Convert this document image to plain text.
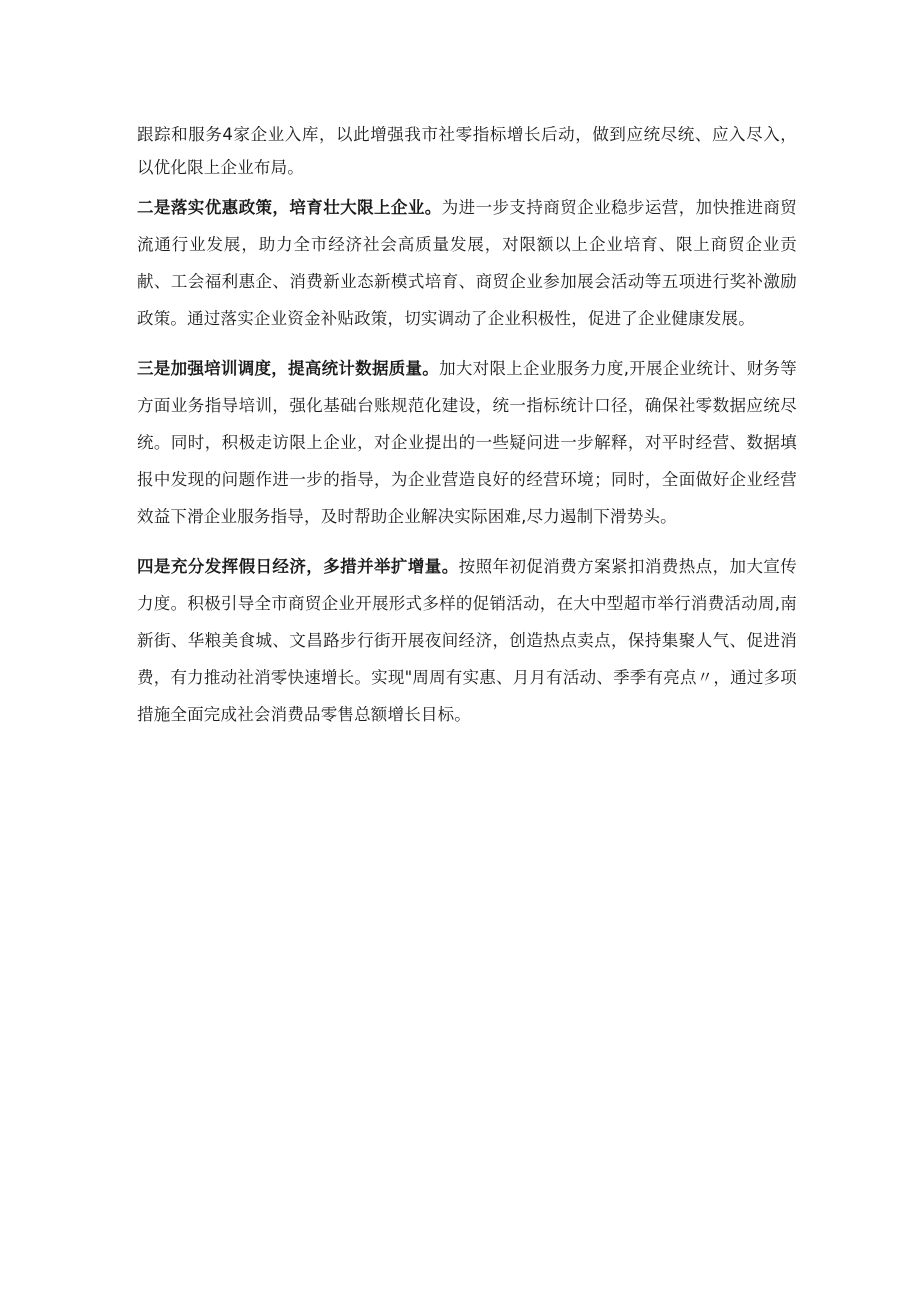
跟踪和服务4家企业入库，以此增强我市社零指标增长后动，做到应统尽统、应入尽入，以优化限上企业布局。

二是落实优惠政策，培育壮大限上企业。为进一步支持商贸企业稳步运营，加快推进商贸流通行业发展，助力全市经济社会高质量发展，对限额以上企业培育、限上商贸企业贡献、工会福利惠企、消费新业态新模式培育、商贸企业参加展会活动等五项进行奖补激励政策。通过落实企业资金补贴政策，切实调动了企业积极性，促进了企业健康发展。

三是加强培训调度，提高统计数据质量。加大对限上企业服务力度,开展企业统计、财务等方面业务指导培训，强化基础台账规范化建设，统一指标统计口径，确保社零数据应统尽统。同时，积极走访限上企业，对企业提出的一些疑问进一步解释，对平时经营、数据填报中发现的问题作进一步的指导，为企业营造良好的经营环境；同时，全面做好企业经营效益下滑企业服务指导，及时帮助企业解决实际困难,尽力遏制下滑势头。

四是充分发挥假日经济，多措并举扩增量。按照年初促消费方案紧扣消费热点，加大宣传力度。积极引导全市商贸企业开展形式多样的促销活动，在大中型超市举行消费活动周,南新街、华粮美食城、文昌路步行街开展夜间经济，创造热点卖点，保持集聚人气、促进消费，有力推动社消零快速增长。实现"周周有实惠、月月有活动、季季有亮点〃，通过多项措施全面完成社会消费品零售总额增长目标。
